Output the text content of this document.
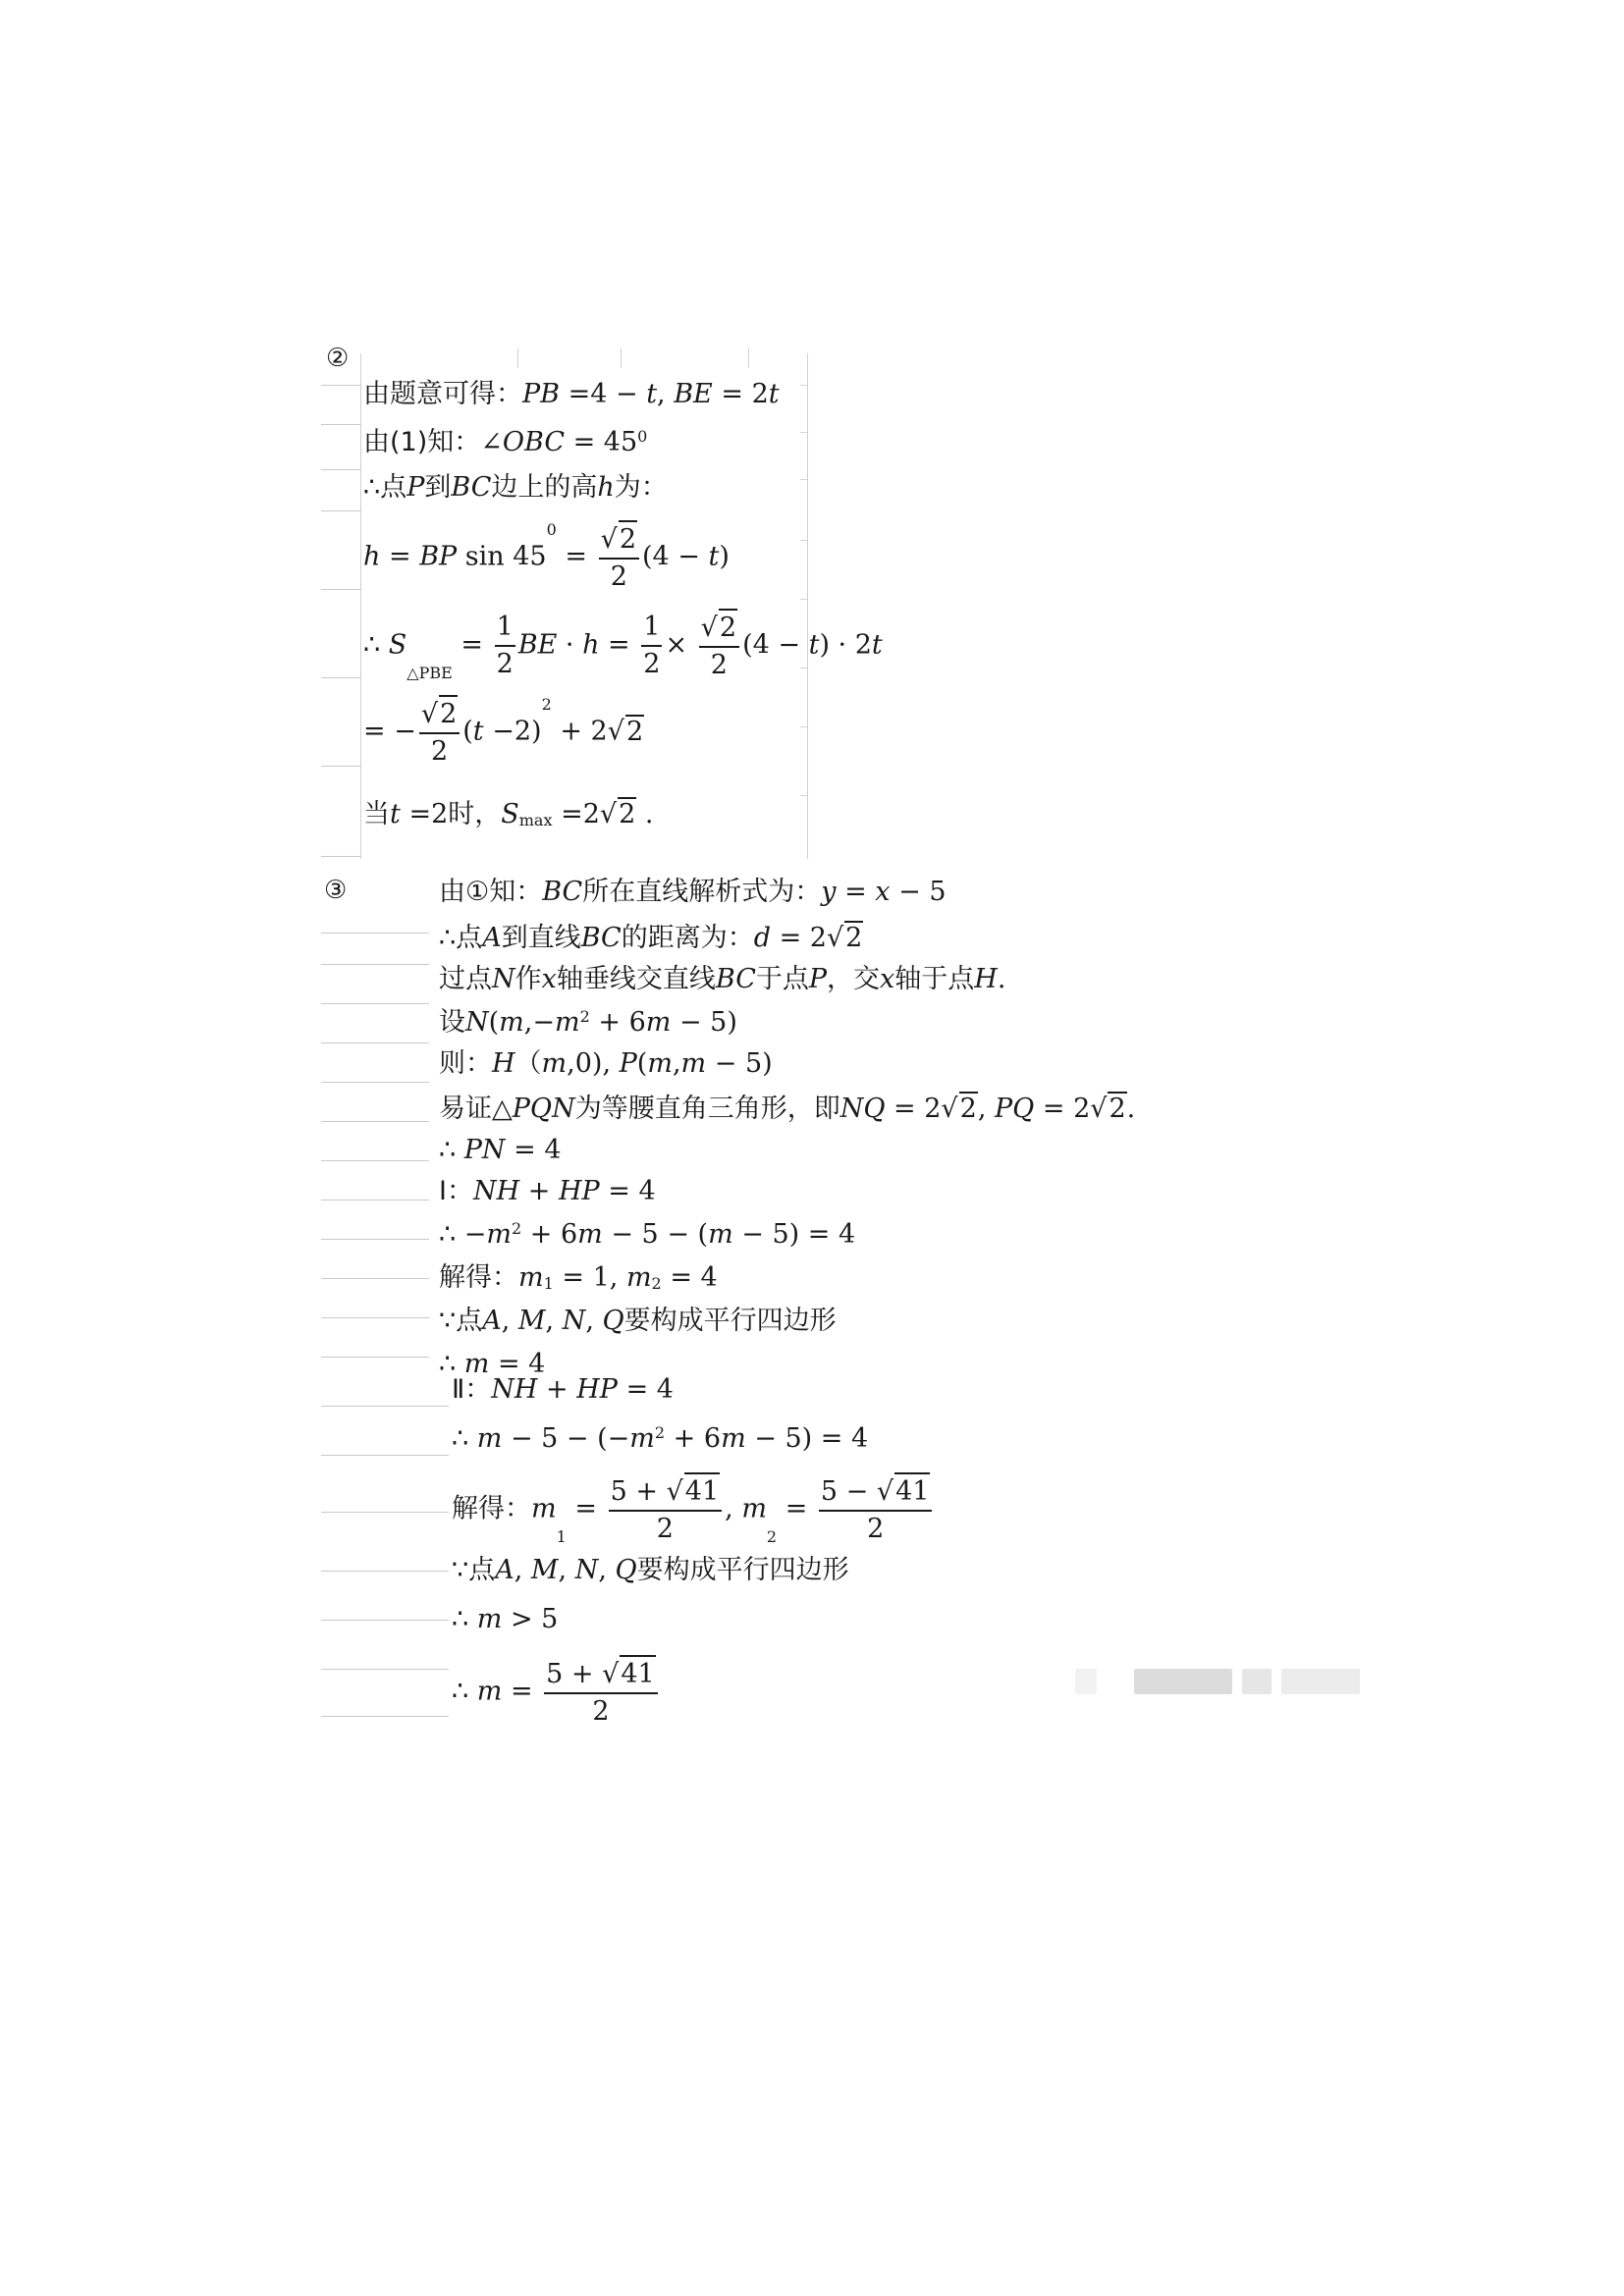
②
由题意可得：PB =4 − t, BE = 2t
由(1)知：∠OBC = $45^0$
∴点P到BC边上的高h为：
h = BP $\sin 45^0 = \frac{√2}{2} (4 - t)$
∴ $S_{\triangle PBE} = \frac{1}{2}$ BE · $h = \frac{1}{2} \times \frac{√2}{2} (4 - t) \cdot 2t$
= − $\frac{√2}{2} (t -2)^2 + 2√2$
当t =2时，$S_{max} =2√2$ .
③	由①知：BC所在直线解析式为：y = x − 5
∴点A到直线BC的距离为：d = 2√2
过点N作x轴垂线交直线BC于点P，交x轴于点H.
设$N(m,-m^2 + 6m - 5)$
则：H（m,0), P(m,m − 5)
易证△PQN为等腰直角三角形，即NQ = 2√2, PQ = 2√2.
∴ PN = 4
Ⅰ：NH + HP = 4
∴ $-m^2 + 6m - 5 - (m - 5) = 4$
解得：$m_1 = 1$, $m_2 = 4$
∵点A, M, N, Q要构成平行四边形
∴ m = 4
Ⅱ：NH + HP = 4
∴ $m - 5 - (-m^2 + 6m - 5) = 4$
解得：$m_1 = \frac{5 + √41}{2}$ , $m_2 = \frac{5 - √41}{2}$
∵点A, M, N, Q要构成平行四边形
∴ m > 5
∴ $m = \frac{5 + √41}{2}$
